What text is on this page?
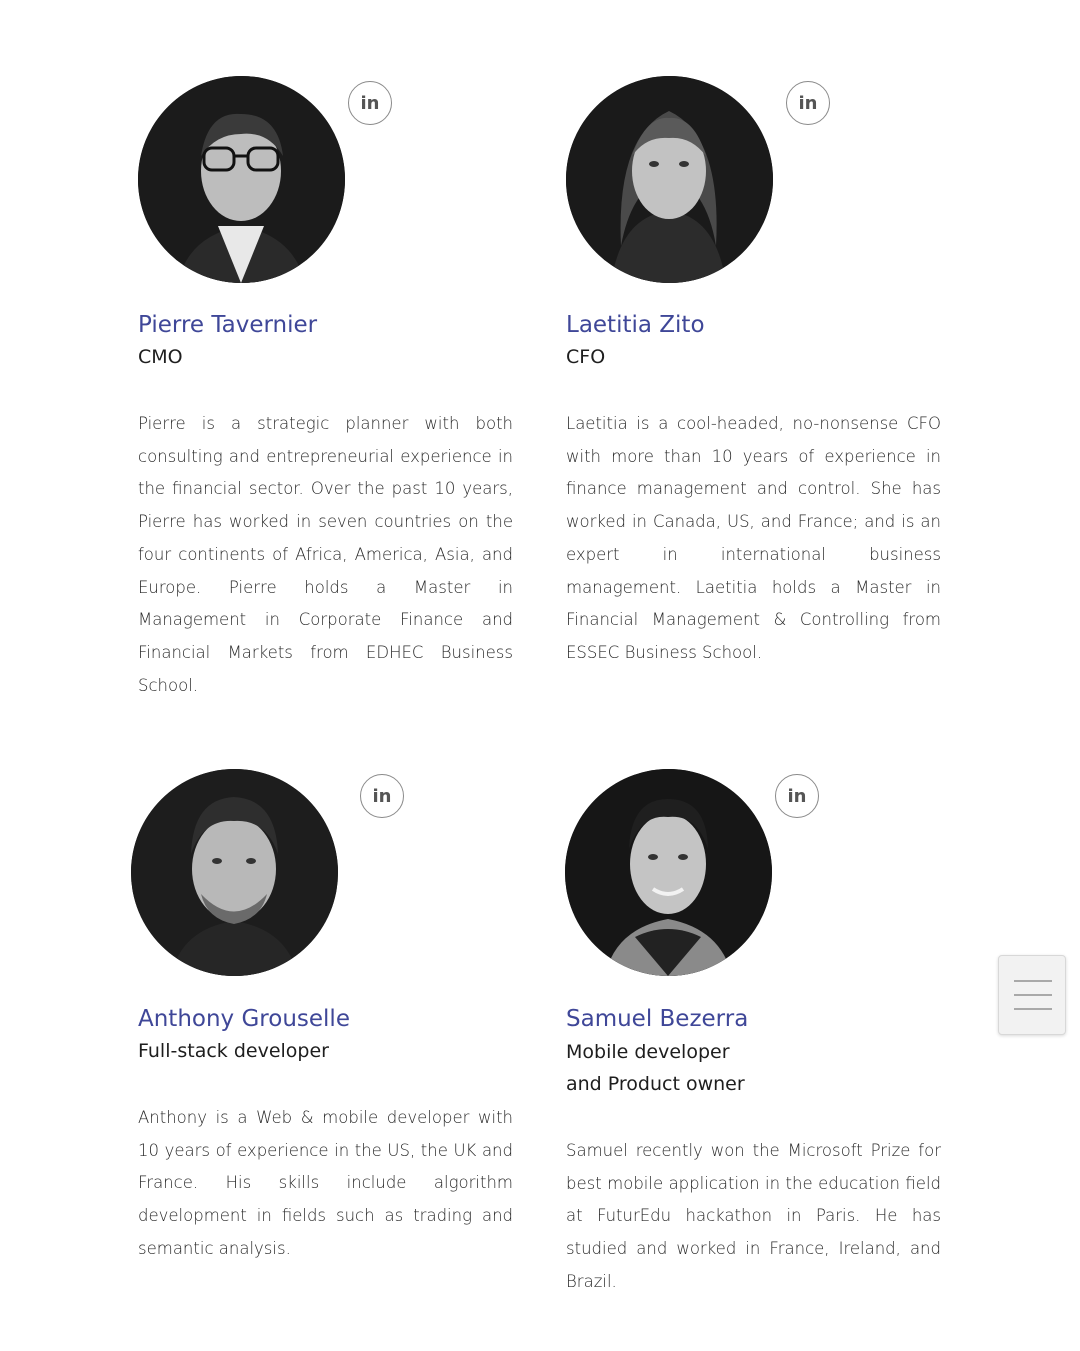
in
Pierre Tavernier
CMO
Pierre is a strategic planner with both consulting and entrepreneurial experience in the financial sector. Over the past 10 years, Pierre has worked in seven countries on the four continents of Africa, America, Asia, and Europe. Pierre holds a Master in Management in Corporate Finance and Financial Markets from EDHEC Business School.
in
Laetitia Zito
CFO
Laetitia is a cool-headed, no-nonsense CFO with more than 10 years of experience in finance management and control. She has worked in Canada, US, and France; and is an expert in international business management. Laetitia holds a Master in Financial Management & Controlling from ESSEC Business School.
in
Anthony Grouselle
Full-stack developer
Anthony is a Web & mobile developer with 10 years of experience in the US, the UK and France. His skills include algorithm development in fields such as trading and semantic analysis.
in
Samuel Bezerra
Mobile developer
and Product owner
Samuel recently won the Microsoft Prize for best mobile application in the education field at FuturEdu hackathon in Paris. He has studied and worked in France, Ireland, and Brazil.
